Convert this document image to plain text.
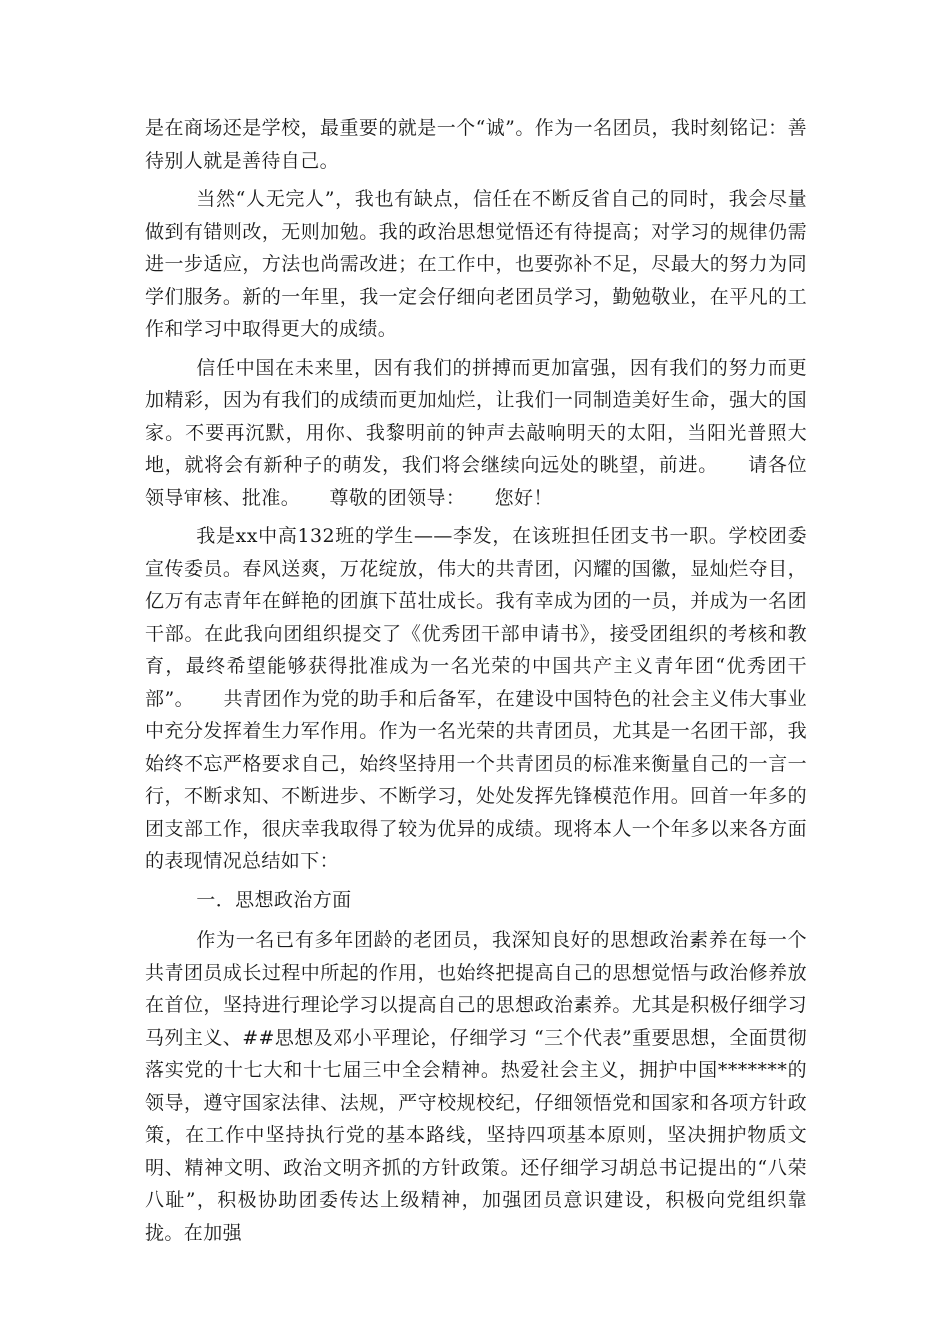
是在商场还是学校，最重要的就是一个“诚”。作为一名团员，我时刻铭记：善待别人就是善待自己。

当然“人无完人”，我也有缺点，信任在不断反省自己的同时，我会尽量做到有错则改，无则加勉。我的政治思想觉悟还有待提高；对学习的规律仍需进一步适应，方法也尚需改进；在工作中，也要弥补不足，尽最大的努力为同学们服务。新的一年里，我一定会仔细向老团员学习，勤勉敬业，在平凡的工作和学习中取得更大的成绩。

信任中国在未来里，因有我们的拼搏而更加富强，因有我们的努力而更加精彩，因为有我们的成绩而更加灿烂，让我们一同制造美好生命，强大的国家。不要再沉默，用你、我黎明前的钟声去敲响明天的太阳，当阳光普照大地，就将会有新种子的萌发，我们将会继续向远处的眺望，前进。　　请各位领导审核、批准。　　尊敬的团领导：　　您好！

我是xx中高132班的学生——李发，在该班担任团支书一职。学校团委宣传委员。春风送爽，万花绽放，伟大的共青团，闪耀的国徽，显灿烂夺目，亿万有志青年在鲜艳的团旗下茁壮成长。我有幸成为团的一员，并成为一名团干部。在此我向团组织提交了《优秀团干部申请书》，接受团组织的考核和教育，最终希望能够获得批准成为一名光荣的中国共产主义青年团“优秀团干部”。　　共青团作为党的助手和后备军，在建设中国特色的社会主义伟大事业中充分发挥着生力军作用。作为一名光荣的共青团员，尤其是一名团干部，我始终不忘严格要求自己，始终坚持用一个共青团员的标准来衡量自己的一言一行，不断求知、不断进步、不断学习，处处发挥先锋模范作用。回首一年多的团支部工作，很庆幸我取得了较为优异的成绩。现将本人一个年多以来各方面的表现情况总结如下：

一．思想政治方面

作为一名已有多年团龄的老团员，我深知良好的思想政治素养在每一个共青团员成长过程中所起的作用，也始终把提高自己的思想觉悟与政治修养放在首位，坚持进行理论学习以提高自己的思想政治素养。尤其是积极仔细学习马列主义、##思想及邓小平理论，仔细学习 “三个代表”重要思想，全面贯彻落实党的十七大和十七届三中全会精神。热爱社会主义，拥护中国*******的领导，遵守国家法律、法规，严守校规校纪，仔细领悟党和国家和各项方针政策，在工作中坚持执行党的基本路线，坚持四项基本原则，坚决拥护物质文明、精神文明、政治文明齐抓的方针政策。还仔细学习胡总书记提出的“八荣八耻”，积极协助团委传达上级精神，加强团员意识建设，积极向党组织靠拢。在加强
